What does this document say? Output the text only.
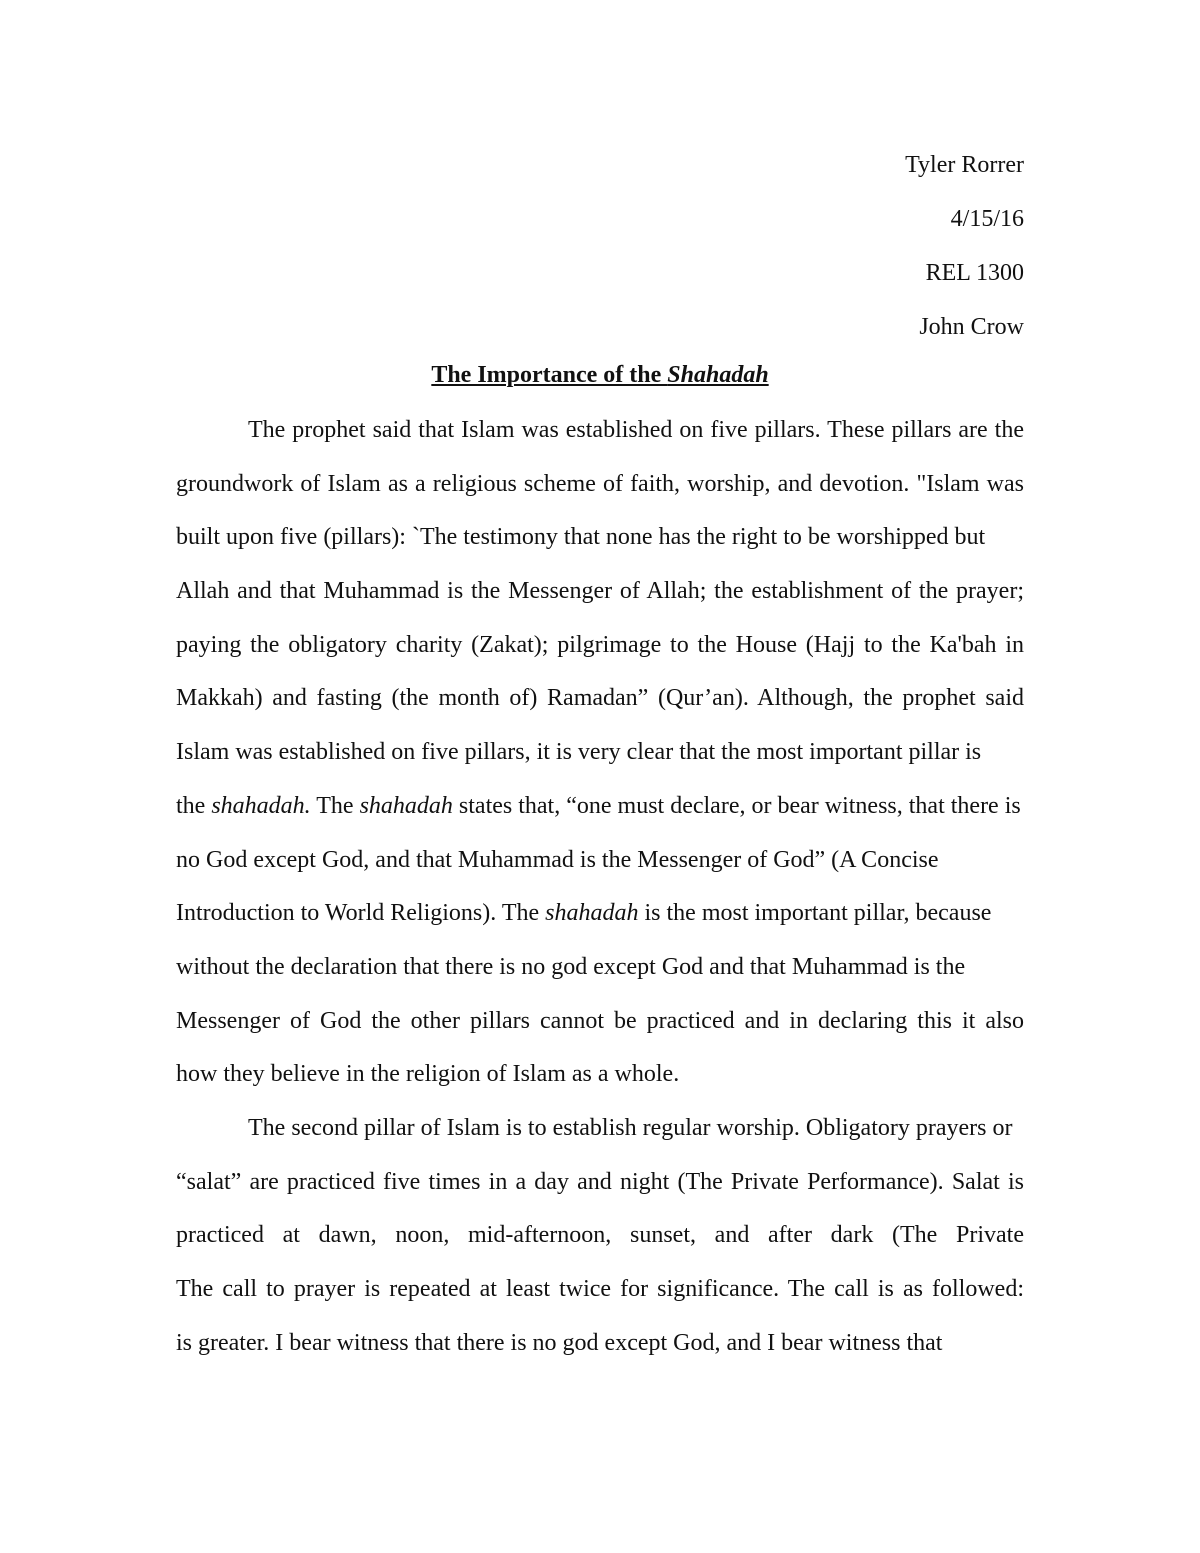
Tyler Rorrer
4/15/16
REL 1300
John Crow
The Importance of the Shahadah
The prophet said that Islam was established on five pillars. These pillars are the
groundwork of Islam as a religious scheme of faith, worship, and devotion. "Islam was
built upon five (pillars): `The testimony that none has the right to be worshipped but
Allah and that Muhammad is the Messenger of Allah; the establishment of the prayer;
paying the obligatory charity (Zakat); pilgrimage to the House (Hajj to the Ka'bah in
Makkah) and fasting (the month of) Ramadan” (Qur’an). Although, the prophet said
Islam was established on five pillars, it is very clear that the most important pillar is
the shahadah. The shahadah states that, “one must declare, or bear witness, that there is
no God except God, and that Muhammad is the Messenger of God” (A Concise
Introduction to World Religions). The shahadah is the most important pillar, because
without the declaration that there is no god except God and that Muhammad is the
Messenger of God the other pillars cannot be practiced and in declaring this it also
how they believe in the religion of Islam as a whole.
The second pillar of Islam is to establish regular worship. Obligatory prayers or
“salat” are practiced five times in a day and night (The Private Performance). Salat is
practiced at dawn, noon, mid-afternoon, sunset, and after dark (The Private
The call to prayer is repeated at least twice for significance. The call is as followed:
is greater. I bear witness that there is no god except God, and I bear witness that
